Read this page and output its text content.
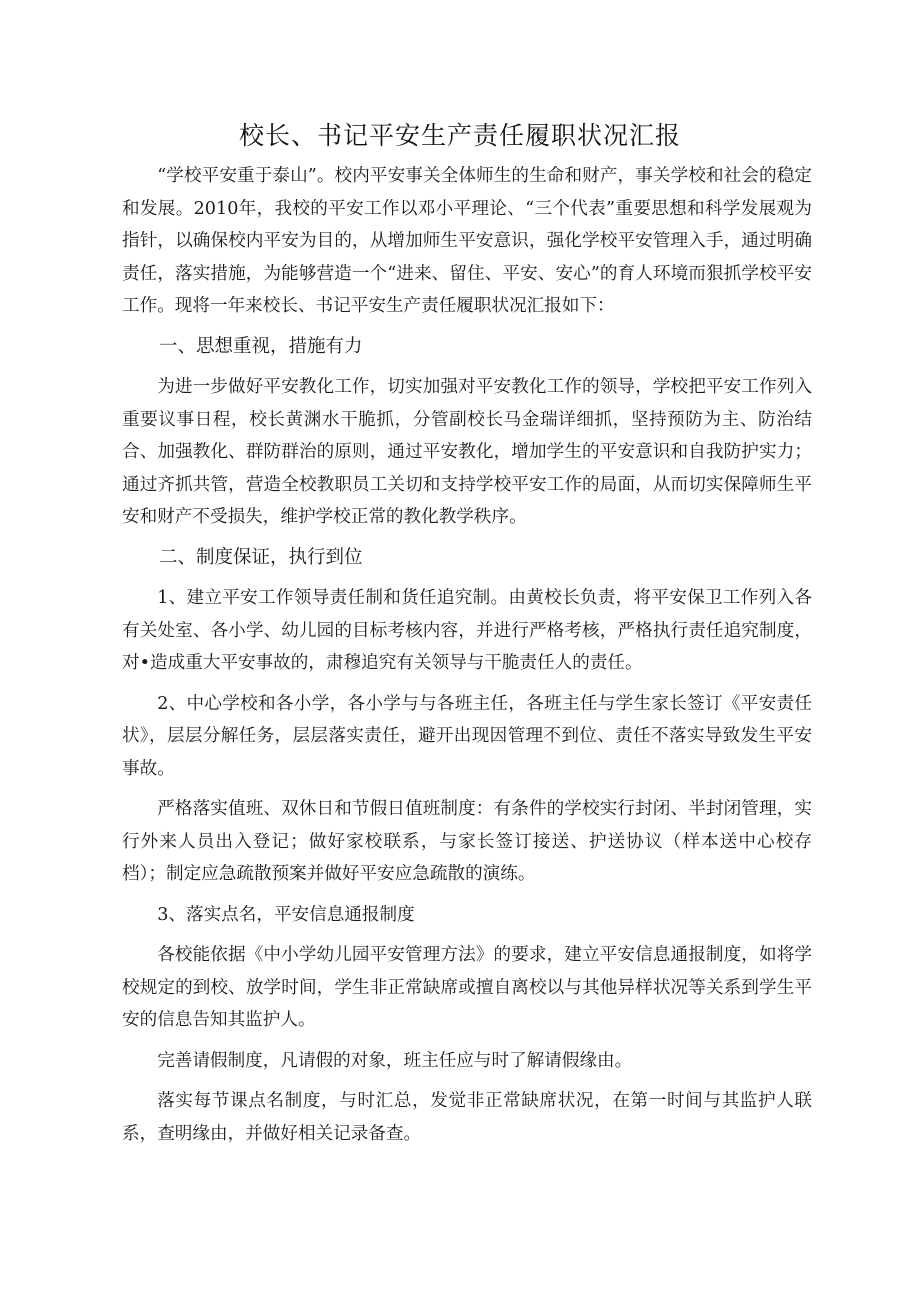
校长、书记平安生产责任履职状况汇报

“学校平安重于泰山”。校内平安事关全体师生的生命和财产，事关学校和社会的稳定和发展。2010年，我校的平安工作以邓小平理论、“三个代表”重要思想和科学发展观为指针，以确保校内平安为目的，从增加师生平安意识，强化学校平安管理入手，通过明确责任，落实措施，为能够营造一个“进来、留住、平安、安心”的育人环境而狠抓学校平安工作。现将一年来校长、书记平安生产责任履职状况汇报如下：

一、思想重视，措施有力

为进一步做好平安教化工作，切实加强对平安教化工作的领导，学校把平安工作列入重要议事日程，校长黄渊水干脆抓，分管副校长马金瑞详细抓，坚持预防为主、防治结合、加强教化、群防群治的原则，通过平安教化，增加学生的平安意识和自我防护实力；通过齐抓共管，营造全校教职员工关切和支持学校平安工作的局面，从而切实保障师生平安和财产不受损失，维护学校正常的教化教学秩序。

二、制度保证，执行到位

1、建立平安工作领导责任制和货任追究制。由黄校长负责，将平安保卫工作列入各有关处室、各小学、幼儿园的目标考核内容，并进行严格考核，严格执行责任追究制度，对•造成重大平安事故的，肃穆追究有关领导与干脆责任人的责任。

2、中心学校和各小学，各小学与与各班主任，各班主任与学生家长签订《平安责任状》，层层分解任务，层层落实责任，避开出现因管理不到位、责任不落实导致发生平安事故。

严格落实值班、双休日和节假日值班制度：有条件的学校实行封闭、半封闭管理，实行外来人员出入登记；做好家校联系，与家长签订接送、护送协议（样本送中心校存档）；制定应急疏散预案并做好平安应急疏散的演练。

3、落实点名，平安信息通报制度

各校能依据《中小学幼儿园平安管理方法》的要求，建立平安信息通报制度，如将学校规定的到校、放学时间，学生非正常缺席或擅自离校以与其他异样状况等关系到学生平安的信息告知其监护人。

完善请假制度，凡请假的对象，班主任应与时了解请假缘由。

落实每节课点名制度，与时汇总，发觉非正常缺席状况，在第一时间与其监护人联系，查明缘由，并做好相关记录备查。
